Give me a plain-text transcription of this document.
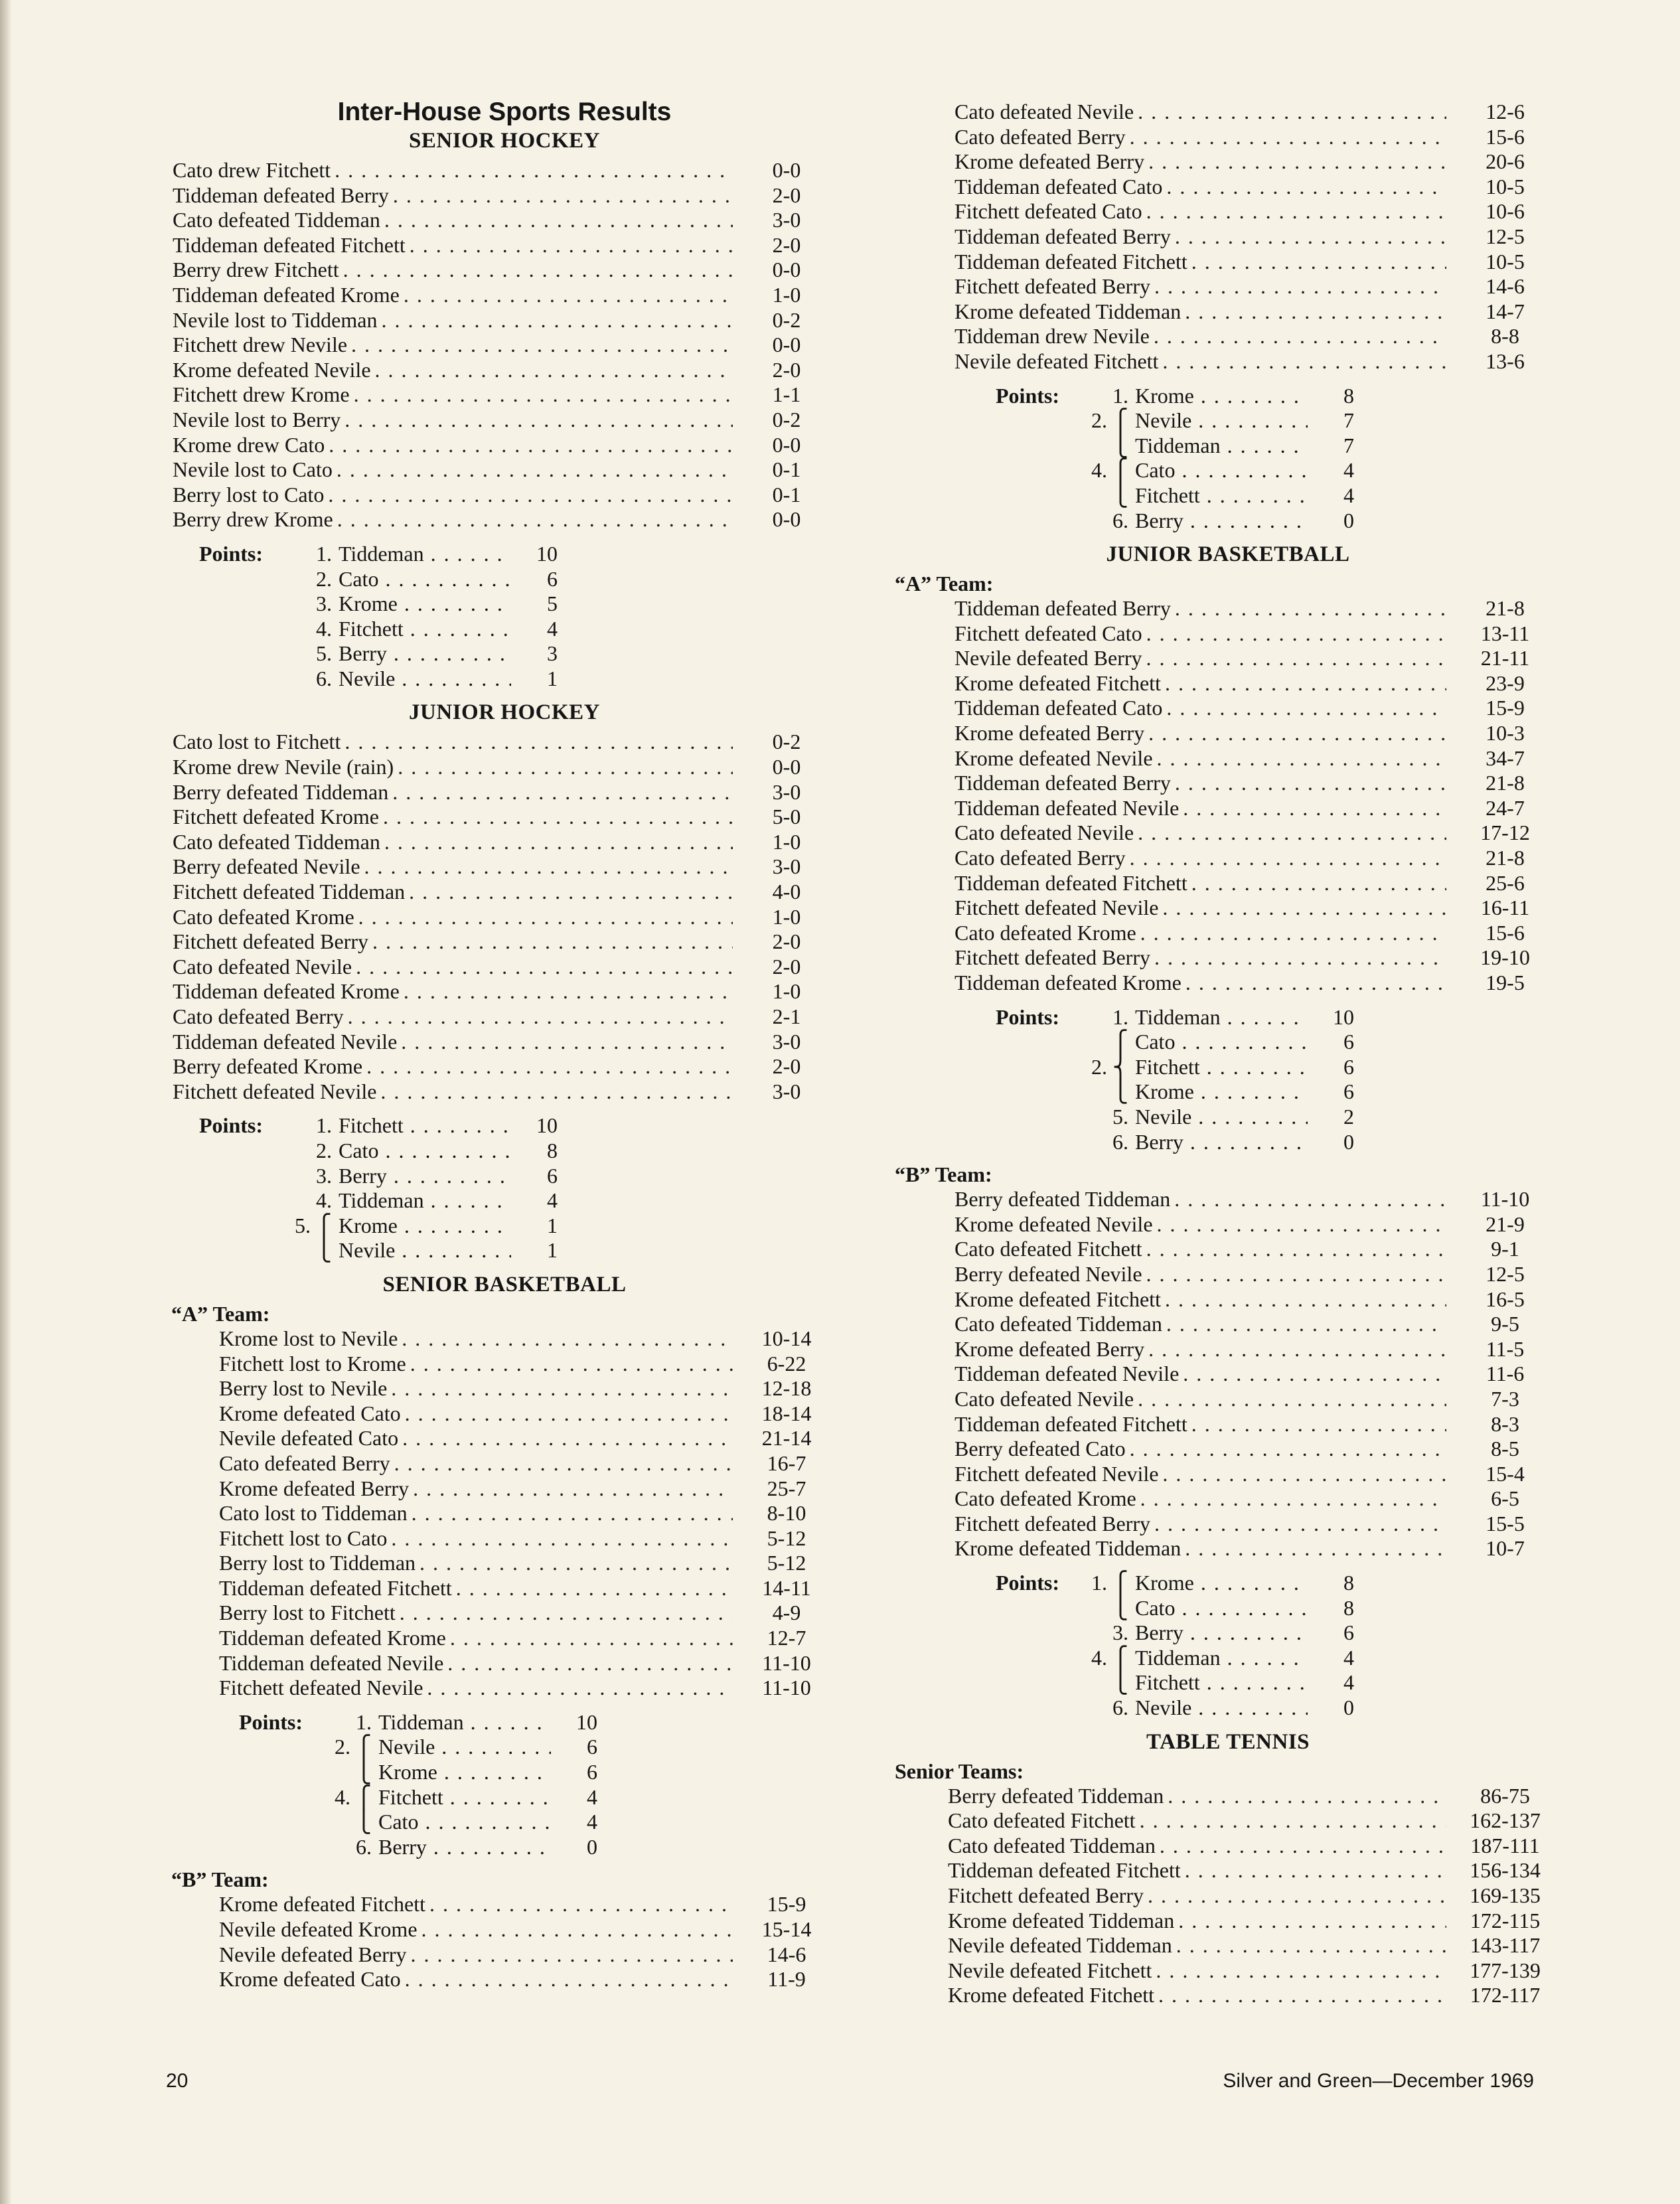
Inter-House Sports Results
SENIOR HOCKEY
Cato drew Fitchett . . .	0-0
Tiddeman defeated Berry . . .	2-0
Cato defeated Tiddeman . . .	3-0
Tiddeman defeated Fitchett . . .	2-0
Berry drew Fitchett . . .	0-0
Tiddeman defeated Krome . . .	1-0
Nevile lost to Tiddeman . . .	0-2
Fitchett drew Nevile . . .	0-0
Krome defeated Nevile . . .	2-0
Fitchett drew Krome . . .	1-1
Nevile lost to Berry . . .	0-2
Krome drew Cato . . .	0-0
Nevile lost to Cato . . .	0-1
Berry lost to Cato . . .	0-1
Berry drew Krome . . .	0-0
Points:	1. Tiddeman . . .	10
2. Cato . . .	6
3. Krome . . .	5
4. Fitchett . . .	4
5. Berry . . .	3
6. Nevile . . .	1
JUNIOR HOCKEY
Cato lost to Fitchett . . .	0-2
Krome drew Nevile (rain) . . .	0-0
Berry defeated Tiddeman . . .	3-0
Fitchett defeated Krome . . .	5-0
Cato defeated Tiddeman . . .	1-0
Berry defeated Nevile . . .	3-0
Fitchett defeated Tiddeman . . .	4-0
Cato defeated Krome . . .	1-0
Fitchett defeated Berry . . .	2-0
Cato defeated Nevile . . .	2-0
Tiddeman defeated Krome . . .	1-0
Cato defeated Berry . . .	2-1
Tiddeman defeated Nevile . . .	3-0
Berry defeated Krome . . .	2-0
Fitchett defeated Nevile . . .	3-0
Points:	1. Fitchett . . .	10
2. Cato . . .	8
3. Berry . . .	6
4. Tiddeman . . .	4
5. ⎧ Krome . . .	1
⎩ Nevile . . .	1
SENIOR BASKETBALL
“A” Team:
Krome lost to Nevile . . .	10-14
Fitchett lost to Krome . . .	6-22
Berry lost to Nevile . . .	12-18
Krome defeated Cato . . .	18-14
Nevile defeated Cato . . .	21-14
Cato defeated Berry . . .	16-7
Krome defeated Berry . . .	25-7
Cato lost to Tiddeman . . .	8-10
Fitchett lost to Cato . . .	5-12
Berry lost to Tiddeman . . .	5-12
Tiddeman defeated Fitchett . . .	14-11
Berry lost to Fitchett . . .	4-9
Tiddeman defeated Krome . . .	12-7
Tiddeman defeated Nevile . . .	11-10
Fitchett defeated Nevile . . .	11-10
Points:	1. Tiddeman . . .	10
2. ⎧ Nevile . . .	6
⎩ Krome . . .	6
4. ⎧ Fitchett . . .	4
⎩ Cato . . .	4
6. Berry . . .	0
“B” Team:
Krome defeated Fitchett . . .	15-9
Nevile defeated Krome . . .	15-14
Nevile defeated Berry . . .	14-6
Krome defeated Cato . . .	11-9
Cato defeated Nevile . . .	12-6
Cato defeated Berry . . .	15-6
Krome defeated Berry . . .	20-6
Tiddeman defeated Cato . . .	10-5
Fitchett defeated Cato . . .	10-6
Tiddeman defeated Berry . . .	12-5
Tiddeman defeated Fitchett . . .	10-5
Fitchett defeated Berry . . .	14-6
Krome defeated Tiddeman . . .	14-7
Tiddeman drew Nevile . . .	8-8
Nevile defeated Fitchett . . .	13-6
Points:	1. Krome . . .	8
2. ⎧ Nevile . . .	7
⎩ Tiddeman . . .	7
4. ⎧ Cato . . .	4
⎩ Fitchett . . .	4
6. Berry . . .	0
JUNIOR BASKETBALL
“A” Team:
Tiddeman defeated Berry . . .	21-8
Fitchett defeated Cato . . .	13-11
Nevile defeated Berry . . .	21-11
Krome defeated Fitchett . . .	23-9
Tiddeman defeated Cato . . .	15-9
Krome defeated Berry . . .	10-3
Krome defeated Nevile . . .	34-7
Tiddeman defeated Berry . . .	21-8
Tiddeman defeated Nevile . . .	24-7
Cato defeated Nevile . . .	17-12
Cato defeated Berry . . .	21-8
Tiddeman defeated Fitchett . . .	25-6
Fitchett defeated Nevile . . .	16-11
Cato defeated Krome . . .	15-6
Fitchett defeated Berry . . .	19-10
Tiddeman defeated Krome . . .	19-5
Points:	1. Tiddeman . . .	10
⎧ Cato . . .	6
2. ⎨ Fitchett . . .	6
⎩ Krome . . .	6
5. Nevile . . .	2
6. Berry . . .	0
“B” Team:
Berry defeated Tiddeman . . .	11-10
Krome defeated Nevile . . .	21-9
Cato defeated Fitchett . . .	9-1
Berry defeated Nevile . . .	12-5
Krome defeated Fitchett . . .	16-5
Cato defeated Tiddeman . . .	9-5
Krome defeated Berry . . .	11-5
Tiddeman defeated Nevile . . .	11-6
Cato defeated Nevile . . .	7-3
Tiddeman defeated Fitchett . . .	8-3
Berry defeated Cato . . .	8-5
Fitchett defeated Nevile . . .	15-4
Cato defeated Krome . . .	6-5
Fitchett defeated Berry . . .	15-5
Krome defeated Tiddeman . . .	10-7
Points:	1. ⎧ Krome . . .	8
⎩ Cato . . .	8
3. Berry . . .	6
4. ⎧ Tiddeman . . .	4
⎩ Fitchett . . .	4
6. Nevile . . .	0
TABLE TENNIS
Senior Teams:
Berry defeated Tiddeman . . .	86-75
Cato defeated Fitchett . . .	162-137
Cato defeated Tiddeman . . .	187-111
Tiddeman defeated Fitchett . . .	156-134
Fitchett defeated Berry . . .	169-135
Krome defeated Tiddeman . . .	172-115
Nevile defeated Tiddeman . . .	143-117
Nevile defeated Fitchett . . .	177-139
Krome defeated Fitchett . . .	172-117
20	Silver and Green—December 1969
